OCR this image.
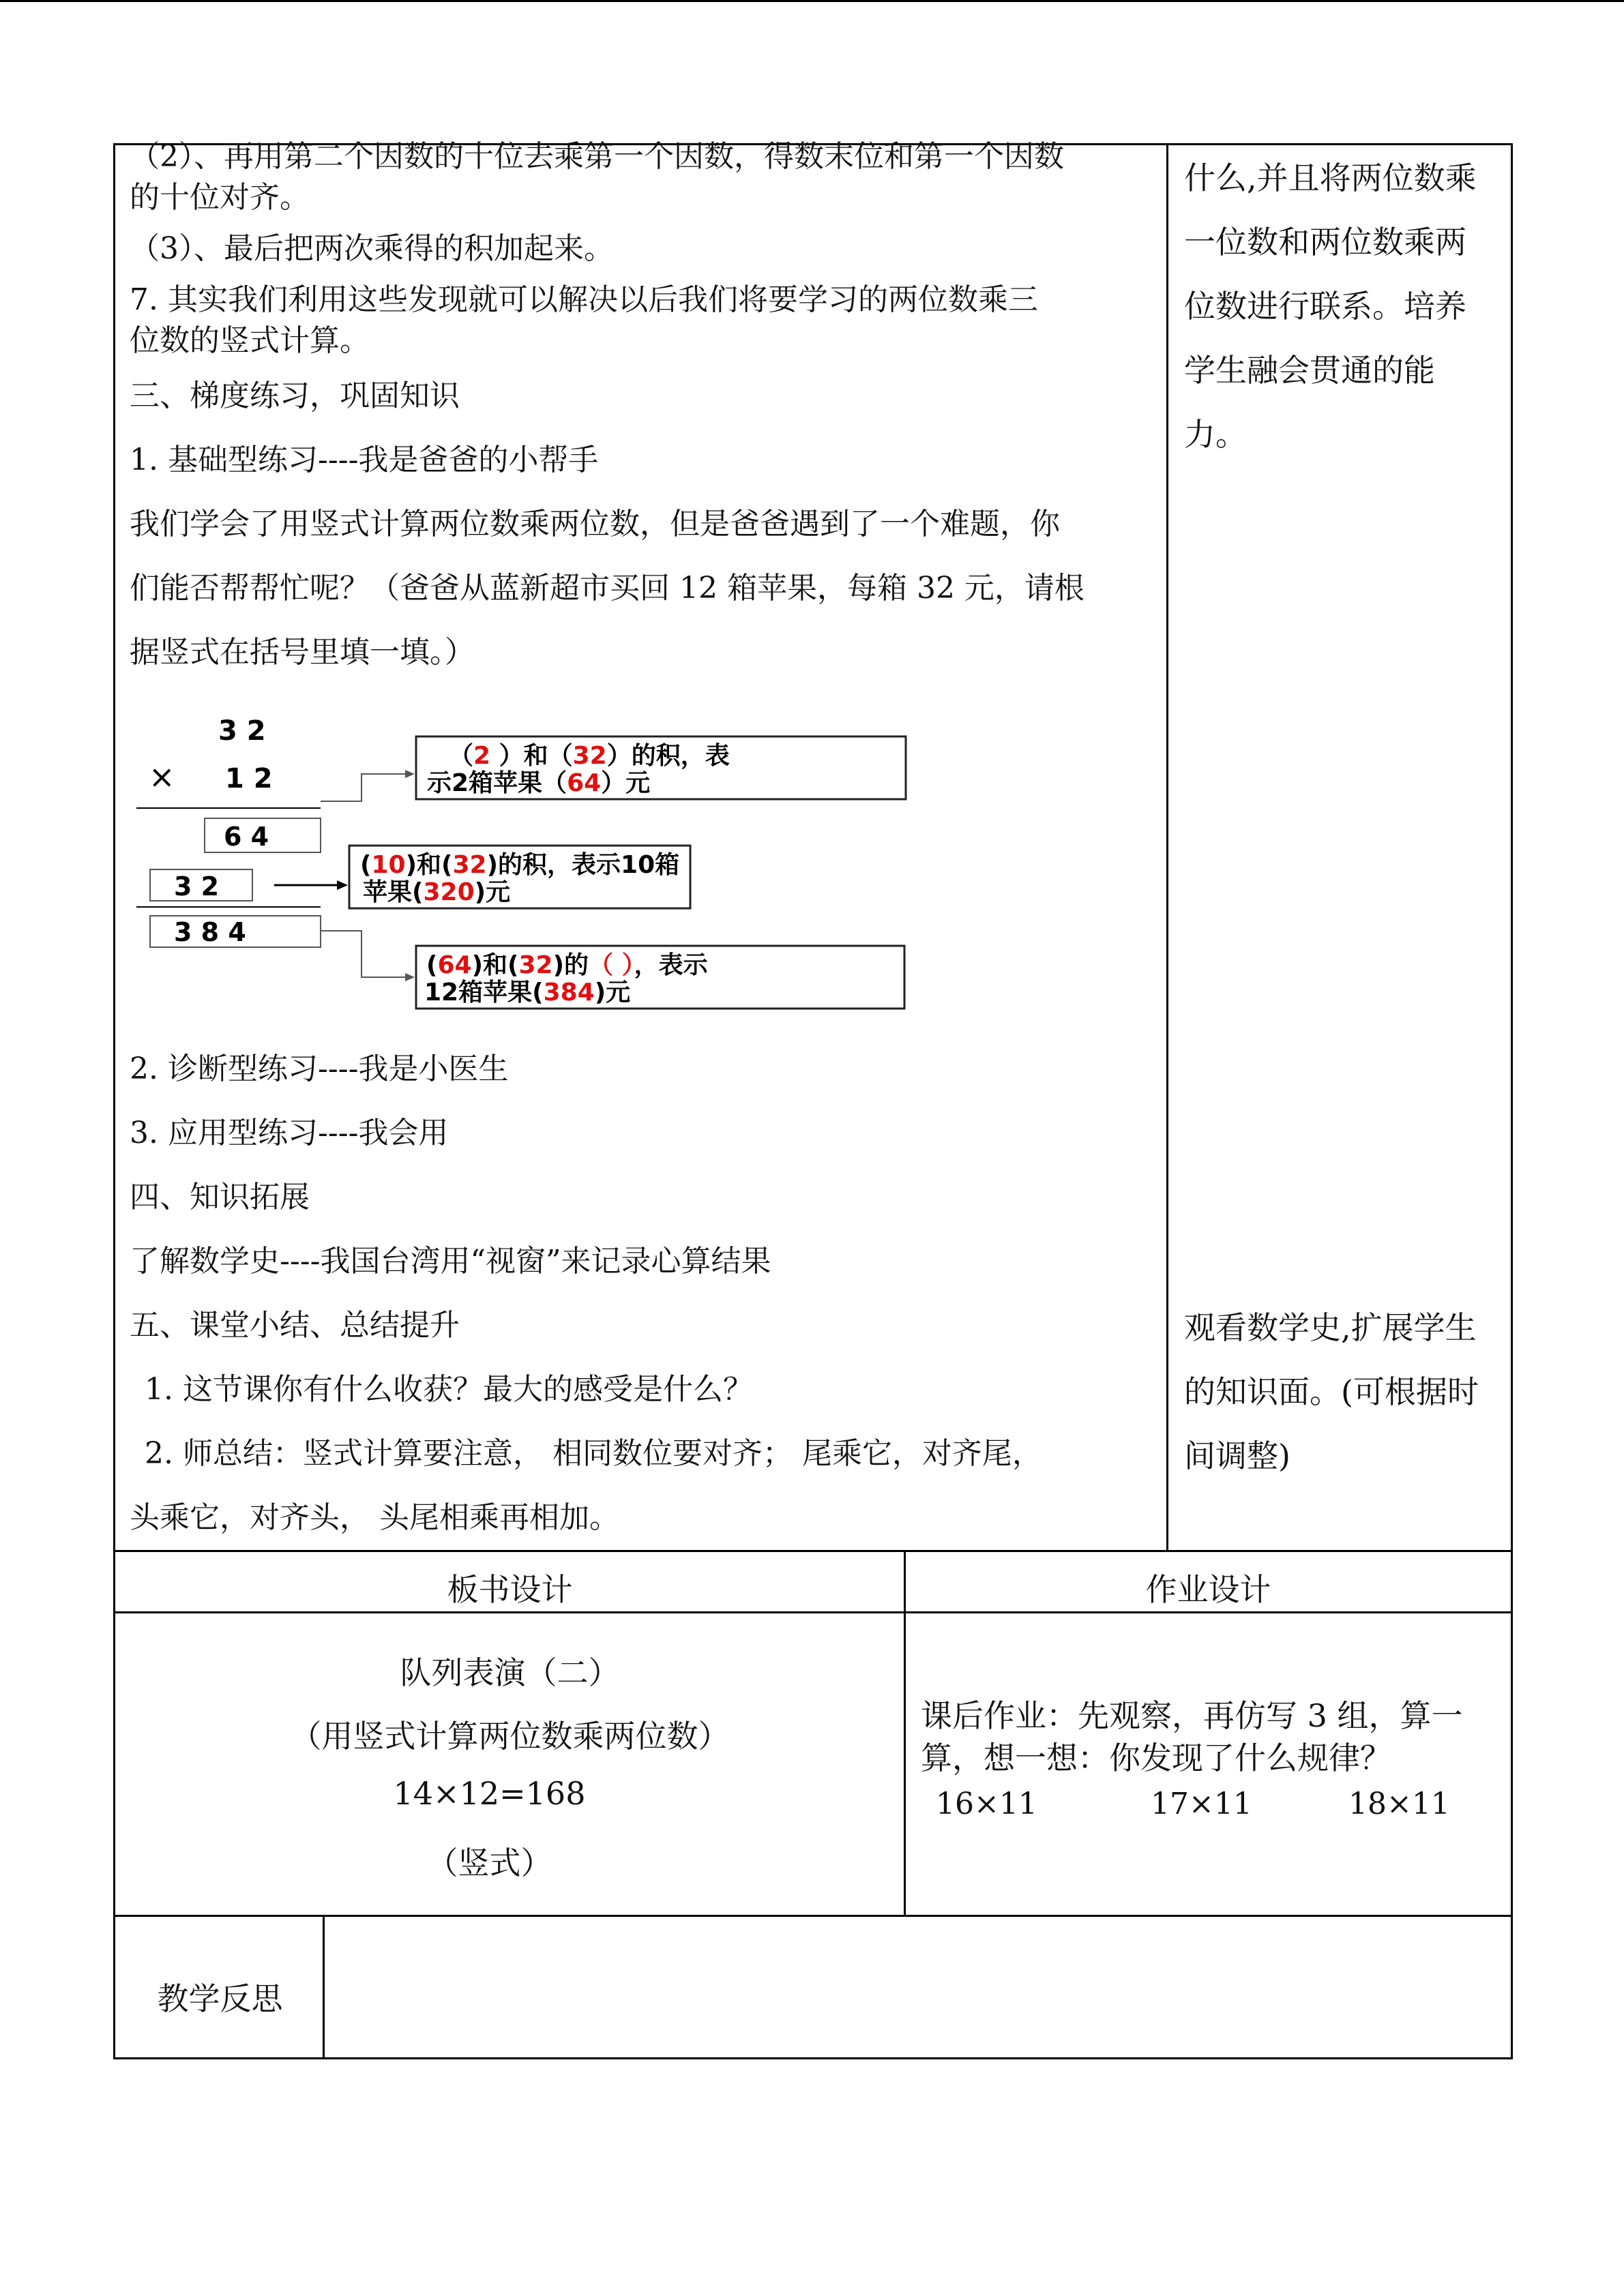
（2）、再用第二个因数的十位去乘第一个因数，得数末位和第一个因数

的十位对齐。

（3）、最后把两次乘得的积加起来。

7. 其实我们利用这些发现就可以解决以后我们将要学习的两位数乘三

位数的竖式计算。

三、梯度练习，巩固知识

1. 基础型练习----我是爸爸的小帮手

我们学会了用竖式计算两位数乘两位数，但是爸爸遇到了一个难题，你

们能否帮帮忙呢？（爸爸从蓝新超市买回 12 箱苹果，每箱 32 元，请根

据竖式在括号里填一填。）

3 2
× 1 2
6 4
3 2
3 8 4
（2 ）和（32）的积，表
示2箱苹果（64）元
(10)和(32)的积，表示10箱
苹果(320)元
(64)和(32)的（ ），表示
12箱苹果(384)元

2. 诊断型练习----我是小医生

3. 应用型练习----我会用

四、知识拓展

了解数学史----我国台湾用“视窗”来记录心算结果

五、课堂小结、总结提升

1. 这节课你有什么收获？最大的感受是什么？

2. 师总结：竖式计算要注意， 相同数位要对齐； 尾乘它，对齐尾，

头乘它，对齐头， 头尾相乘再相加。

什么,并且将两位数乘

一位数和两位数乘两

位数进行联系。培养

学生融会贯通的能

力。

观看数学史,扩展学生

的知识面。(可根据时

间调整)

板书设计	作业设计
队列表演（二）
（用竖式计算两位数乘两位数）
14×12=168
（竖式）

课后作业：先观察，再仿写 3 组，算一

算，想一想：你发现了什么规律？

16×11	17×11	18×11
教学反思
